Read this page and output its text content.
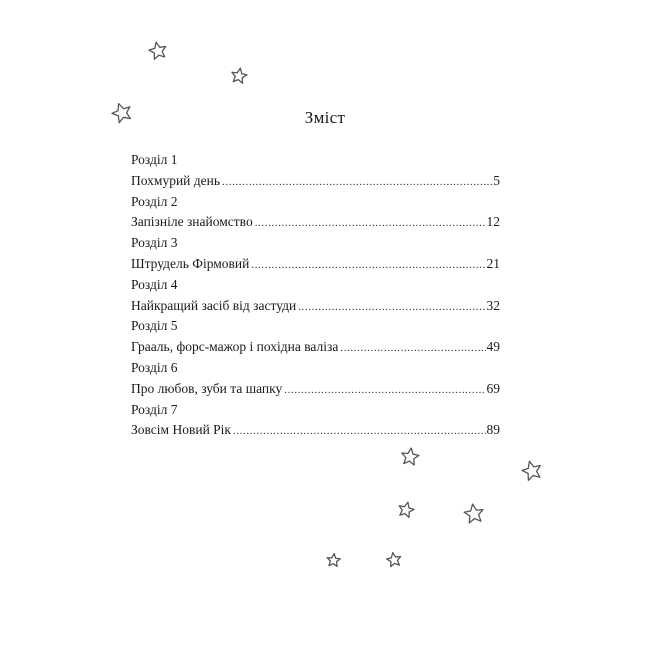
Зміст
Розділ 1
Похмурий день .....	5
Розділ 2
Запізніле знайомство .....	12
Розділ 3
Штрудель Фірмовий .....	21
Розділ 4
Найкращий засіб від застуди .....	32
Розділ 5
Грааль, форс-мажор і похідна валіза .....	49
Розділ 6
Про любов, зуби та шапку .....	69
Розділ 7
Зовсім Новий Рік .....	89
